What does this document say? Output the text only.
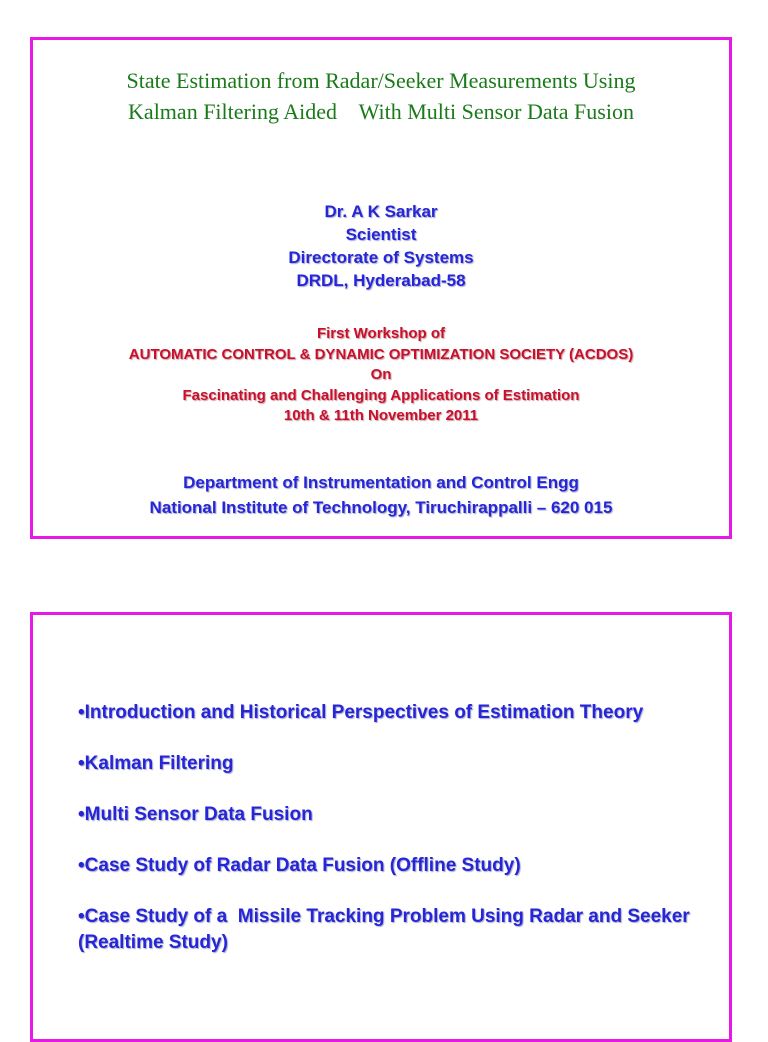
State Estimation from Radar/Seeker Measurements Using
Kalman Filtering Aided    With Multi Sensor Data Fusion
Dr. A K Sarkar
Scientist
Directorate of Systems
DRDL, Hyderabad-58
First Workshop of
AUTOMATIC CONTROL & DYNAMIC OPTIMIZATION SOCIETY (ACDOS)
On
Fascinating and Challenging Applications of Estimation
10th & 11th November 2011
Department of Instrumentation and Control Engg
National Institute of Technology, Tiruchirappalli – 620 015
•Introduction and Historical Perspectives of Estimation Theory
•Kalman Filtering
•Multi Sensor Data Fusion
•Case Study of Radar Data Fusion (Offline Study)
•Case Study of a  Missile Tracking Problem Using Radar and Seeker (Realtime Study)
